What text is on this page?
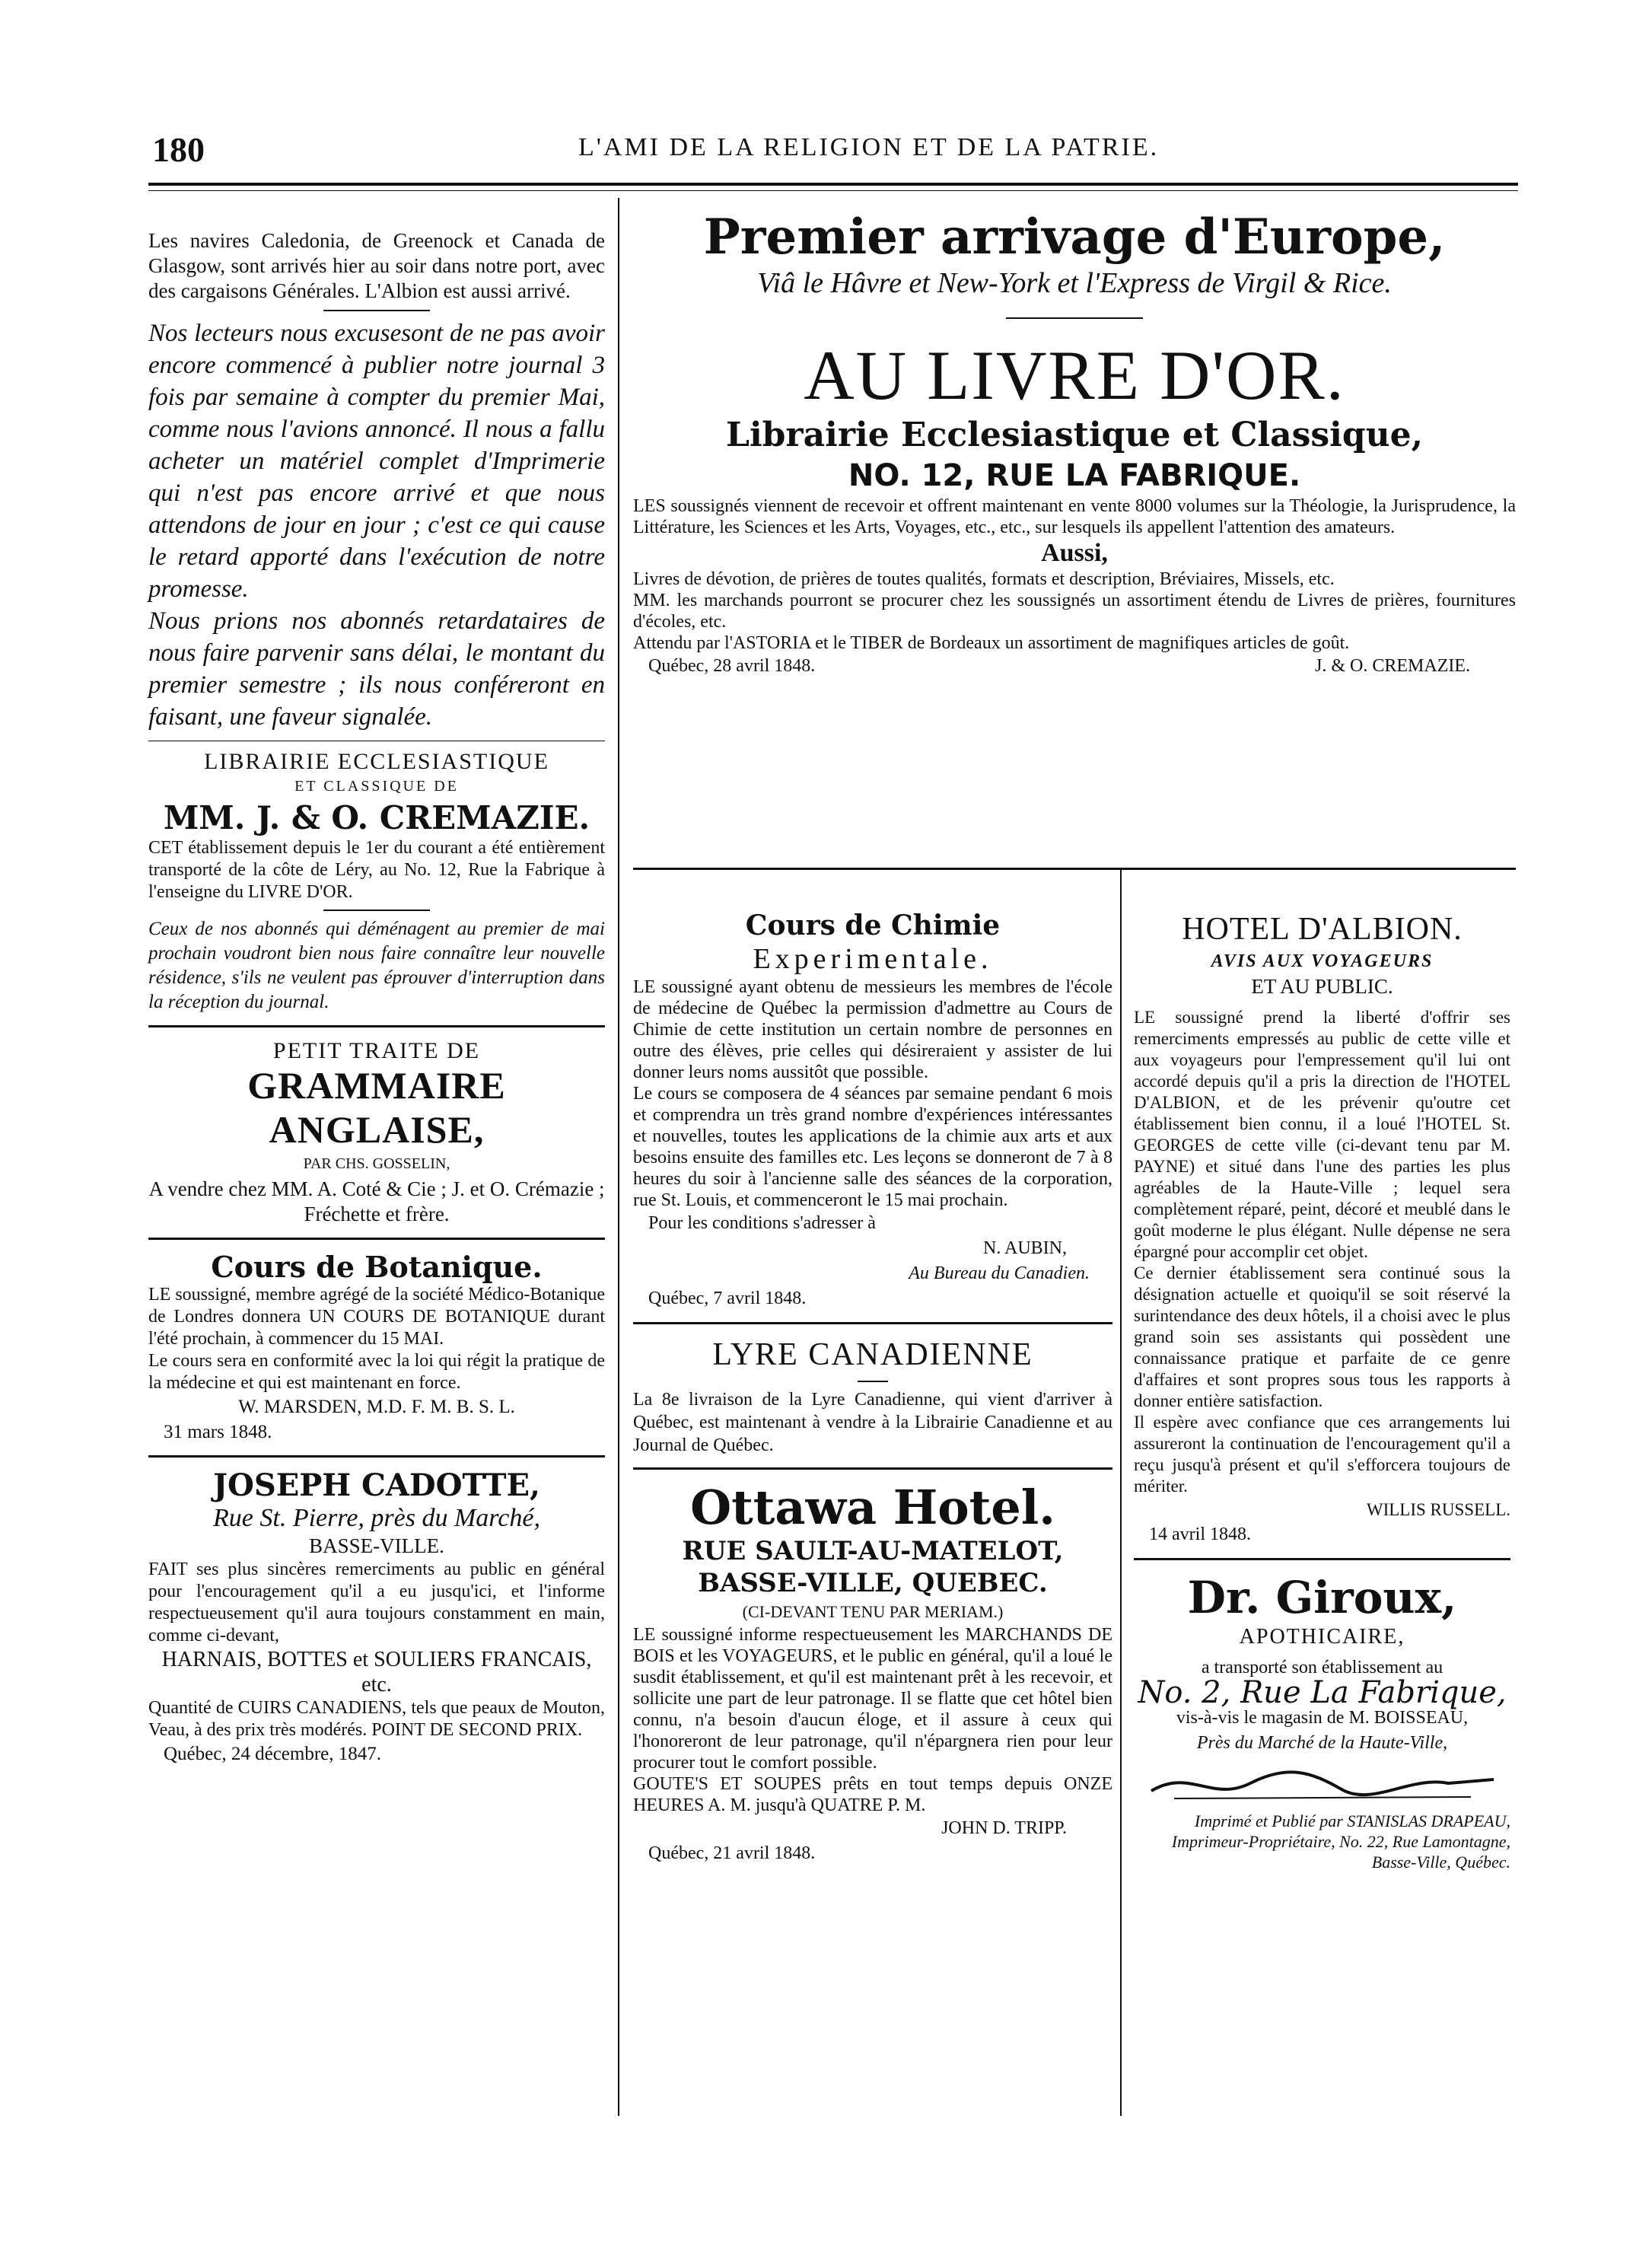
180	L'AMI DE LA RELIGION ET DE LA PATRIE.
Les navires Caledonia, de Greenock et Canada de Glasgow, sont arrivés hier au soir dans notre port, avec des cargaisons Générales. L'Albion est aussi arrivé.
Nos lecteurs nous excusesont de ne pas avoir encore commencé à publier notre journal 3 fois par semaine à compter du premier Mai, comme nous l'avions annoncé. Il nous a fallu acheter un matériel complet d'Imprimerie qui n'est pas encore arrivé et que nous attendons de jour en jour ; c'est ce qui cause le retard apporté dans l'exécution de notre promesse.
Nous prions nos abonnés retardataires de nous faire parvenir sans délai, le montant du premier semestre ; ils nous conféreront en faisant, une faveur signalée.
LIBRAIRIE ECCLESIASTIQUE
ET CLASSIQUE DE
MM. J. & O. CREMAZIE.
CET établissement depuis le 1er du courant a été entièrement transporté de la côte de Léry, au No. 12, Rue la Fabrique à l'enseigne du LIVRE D'OR.
Ceux de nos abonnés qui déménagent au premier de mai prochain voudront bien nous faire connaître leur nouvelle résidence, s'ils ne veulent pas éprouver d'interruption dans la réception du journal.
PETIT TRAITE DE
GRAMMAIRE ANGLAISE,
PAR CHS. GOSSELIN,
A vendre chez MM. A. Coté & Cie ; J. et O. Crémazie ; Fréchette et frère.
Cours de Botanique.
LE soussigné, membre agrégé de la société Médico-Botanique de Londres donnera UN COURS DE BOTANIQUE durant l'été prochain, à commencer du 15 MAI.
Le cours sera en conformité avec la loi qui régit la pratique de la médecine et qui est maintenant en force.
W. MARSDEN, M.D. F. M. B. S. L.
31 mars 1848.
JOSEPH CADOTTE,
Rue St. Pierre, près du Marché,
BASSE-VILLE.
FAIT ses plus sincères remerciments au public en général pour l'encouragement qu'il a eu jusqu'ici, et l'informe respectueusement qu'il aura toujours constamment en main, comme ci-devant,
HARNAIS, BOTTES et SOULIERS FRANCAIS, etc.
Quantité de CUIRS CANADIENS, tels que peaux de Mouton, Veau, à des prix très modérés. POINT DE SECOND PRIX.
Québec, 24 décembre, 1847.
Premier arrivage d'Europe,
Viâ le Hâvre et New-York et l'Express de Virgil & Rice.
AU LIVRE D'OR.
Librairie Ecclesiastique et Classique,
NO. 12, RUE LA FABRIQUE.
LES soussignés viennent de recevoir et offrent maintenant en vente 8000 volumes sur la Théologie, la Jurisprudence, la Littérature, les Sciences et les Arts, Voyages, etc., etc., sur lesquels ils appellent l'attention des amateurs.
Aussi,
Livres de dévotion, de prières de toutes qualités, formats et description, Bréviaires, Missels, etc.
MM. les marchands pourront se procurer chez les soussignés un assortiment étendu de Livres de prières, fournitures d'écoles, etc.
Attendu par l'ASTORIA et le TIBER de Bordeaux un assortiment de magnifiques articles de goût.
Québec, 28 avril 1848.	J. & O. CREMAZIE.
Cours de Chimie
Experimentale.
LE soussigné ayant obtenu de messieurs les membres de l'école de médecine de Québec la permission d'admettre au Cours de Chimie de cette institution un certain nombre de personnes en outre des élèves, prie celles qui désireraient y assister de lui donner leurs noms aussitôt que possible.
Le cours se composera de 4 séances par semaine pendant 6 mois et comprendra un très grand nombre d'expériences intéressantes et nouvelles, toutes les applications de la chimie aux arts et aux besoins ensuite des familles etc. Les leçons se donneront de 7 à 8 heures du soir à l'ancienne salle des séances de la corporation, rue St. Louis, et commenceront le 15 mai prochain.
Pour les conditions s'adresser à
N. AUBIN,
Au Bureau du Canadien.
Québec, 7 avril 1848.
LYRE CANADIENNE
La 8e livraison de la Lyre Canadienne, qui vient d'arriver à Québec, est maintenant à vendre à la Librairie Canadienne et au Journal de Québec.
Ottawa Hotel.
RUE SAULT-AU-MATELOT,
BASSE-VILLE, QUEBEC.
(CI-DEVANT TENU PAR MERIAM.)
LE soussigné informe respectueusement les MARCHANDS DE BOIS et les VOYAGEURS, et le public en général, qu'il a loué le susdit établissement, et qu'il est maintenant prêt à les recevoir, et sollicite une part de leur patronage. Il se flatte que cet hôtel bien connu, n'a besoin d'aucun éloge, et il assure à ceux qui l'honoreront de leur patronage, qu'il n'épargnera rien pour leur procurer tout le comfort possible.
GOUTE'S ET SOUPES prêts en tout temps depuis ONZE HEURES A. M. jusqu'à QUATRE P. M.
JOHN D. TRIPP.
Québec, 21 avril 1848.
HOTEL D'ALBION.
AVIS AUX VOYAGEURS
ET AU PUBLIC.
LE soussigné prend la liberté d'offrir ses remerciments empressés au public de cette ville et aux voyageurs pour l'empressement qu'il lui ont accordé depuis qu'il a pris la direction de l'HOTEL D'ALBION, et de les prévenir qu'outre cet établissement bien connu, il a loué l'HOTEL St. GEORGES de cette ville (ci-devant tenu par M. PAYNE) et situé dans l'une des parties les plus agréables de la Haute-Ville ; lequel sera complètement réparé, peint, décoré et meublé dans le goût moderne le plus élégant. Nulle dépense ne sera épargné pour accomplir cet objet.
Ce dernier établissement sera continué sous la désignation actuelle et quoiqu'il se soit réservé la surintendance des deux hôtels, il a choisi avec le plus grand soin ses assistants qui possèdent une connaissance pratique et parfaite de ce genre d'affaires et sont propres sous tous les rapports à donner entière satisfaction.
Il espère avec confiance que ces arrangements lui assureront la continuation de l'encouragement qu'il a reçu jusqu'à présent et qu'il s'efforcera toujours de mériter.
WILLIS RUSSELL.
14 avril 1848.
Dr. Giroux,
APOTHICAIRE,
a transporté son établissement au
No. 2, Rue La Fabrique,
vis-à-vis le magasin de M. BOISSEAU,
Près du Marché de la Haute-Ville,
Imprimé et Publié par STANISLAS DRAPEAU, Imprimeur-Propriétaire, No. 22, Rue Lamontagne, Basse-Ville, Québec.
